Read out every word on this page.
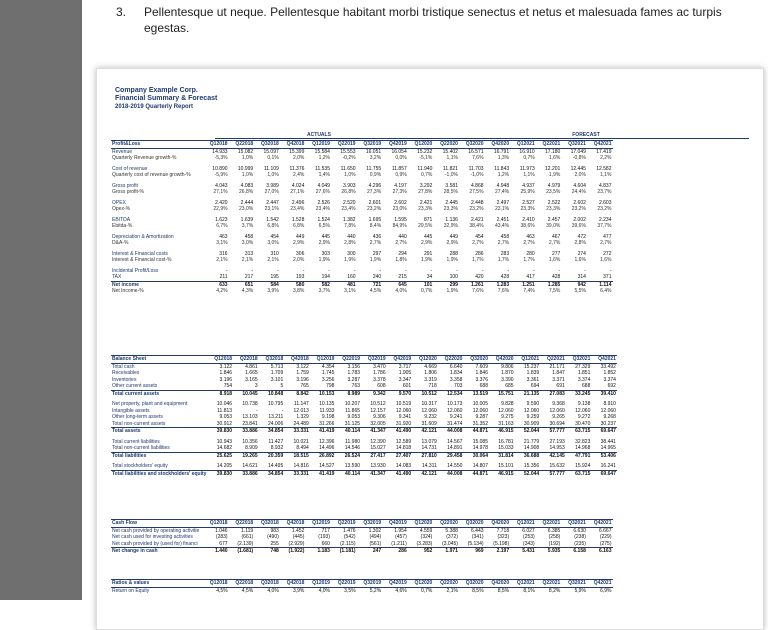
3. Pellentesque ut neque. Pellentesque habitant morbi tristique senectus et netus et malesuada fames ac turpis
egestas.
Company Example Corp.
Financial Summary & Forecast
2018-2019 Quarterly Report
ACTUALS	FORECAST
Profit&Loss	Q12018	Q22018	Q32018	Q42018	Q12019	Q22019	Q32019	Q42019	Q12020	Q22020	Q32020	Q42020	Q12021	Q22021	Q32021	Q42021
Revenue	14.933	15.082	15.097	15.399	15.584	15.553	16.051	16.054	15.232	15.402	16.571	16.791	16.910	17.180	17.049	17.419
Quarterly Revenue growth-%	-5,3%	1,0%	0,1%	2,0%	1,2%	-0,2%	3,2%	0,0%	-5,1%	1,1%	7,6%	1,3%	0,7%	1,6%	-0,8%	2,2%

Cost of revenue	10.890	10.999	11.109	11.376	11.535	11.650	11.755	11.857	11.940	11.821	11.703	11.843	11.973	12.201	12.445	12.582
Quarterly cost of revenue growth-%	-5,9%	1,0%	1,0%	2,4%	1,4%	1,0%	0,9%	0,9%	0,7%	-1,0%	-1,0%	1,2%	1,1%	1,9%	2,0%	1,1%

Gross profit	4.043	4.083	3.989	4.024	4.049	3.903	4.296	4.197	3.292	3.581	4.868	4.948	4.937	4.979	4.604	4.837
Gross profit-%	27,1%	26,8%	27,0%	27,1%	27,6%	26,8%	27,3%	27,3%	27,8%	28,5%	27,5%	27,4%	25,9%	23,5%	24,4%	23,7%

OPEX	2.420	2.444	2.447	2.496	2.526	2.520	2.601	2.602	2.421	2.445	2.448	2.497	2.527	2.522	2.602	2.603
Opex-%	22,9%	23,0%	23,1%	23,4%	23,4%	23,4%	23,2%	23,0%	23,3%	23,3%	23,2%	23,1%	23,3%	23,3%	23,2%	23,2%

EBITDA	1.623	1.639	1.542	1.528	1.524	1.382	1.695	1.595	871	1.136	2.421	2.451	2.410	2.457	2.002	2.234
Ebitda-%	6,7%	3,7%	6,8%	6,8%	6,5%	7,8%	8,4%	84,9%	29,5%	32,9%	38,4%	43,4%	38,6%	39,0%	39,6%	37,7%

Depreciation & Amortization	463	458	454	449	445	440	436	440	445	449	454	458	463	467	472	477
D&A-%	3,1%	3,0%	3,0%	2,9%	2,9%	2,8%	2,7%	2,7%	2,9%	2,9%	2,7%	2,7%	2,7%	2,7%	2,8%	2,7%

Interest & Financial costs	316	313	310	306	303	300	297	294	291	288	286	283	280	277	274	272
Interest & Financial cost-%	2,1%	2,1%	2,1%	2,0%	1,9%	1,9%	1,9%	1,8%	1,9%	1,9%	1,7%	1,7%	1,7%	1,6%	1,6%	1,6%

Incidental Profit/Loss	-	-	-	-	-	-	-	-	-	-	-	-	-	-	-	-
TAX	211	217	195	193	194	160	240	215	34	100	420	428	417	428	314	371
Net income	633	651	584	580	582	481	721	645	101	299	1.261	1.283	1.251	1.285	942	1.114
Net Income-%	4,2%	4,3%	3,9%	3,8%	3,7%	3,1%	4,5%	4,0%	0,7%	1,9%	7,6%	7,6%	7,4%	7,5%	5,5%	6,4%
Balance Sheet	Q12018	Q22018	Q32018	Q42018	Q12019	Q22019	Q32019	Q42019	Q12020	Q22020	Q32020	Q42020	Q12021	Q22021	Q32021	Q42021
Total cash	3.122	4.861	5.713	3.122	4.354	3.156	3.470	3.717	4.669	6.640	7.609	9.806	15.237	21.171	27.329	33.492
Receivables	1.846	1.665	1.709	1.759	1.745	1.783	1.786	1.905	1.806	1.834	1.846	1.870	1.839	1.847	1.851	1.852
Inventories	3.196	3.165	3.101	3.196	3.256	3.287	3.378	3.347	3.319	3.358	3.376	3.390	3.361	3.371	3.374	3.374
Other current assets	754	3	5	765	798	763	608	601	718	703	688	685	694	691	688	692
Total current assets	8.918	10.045	10.848	8.842	10.153	8.989	9.342	9.570	10.512	12.534	13.519	15.751	21.135	27.083	33.245	39.410

Net property, plant and equipment	10.046	10.738	10.795	11.147	10.135	10.207	10.512	10.519	10.317	10.173	10.005	9.828	9.590	9.368	9.138	8.910
Intangible assets	11.813	-	-	12.013	11.933	11.865	12.157	12.060	12.060	12.060	12.060	12.060	12.060	12.060	12.060	12.060
Other long-term assets	9.053	13.103	13.211	1.329	9.198	9.053	9.306	9.341	9.232	9.241	9.287	9.275	9.259	9.265	9.272	9.268
Total non-current assets	30.912	23.841	24.006	24.489	31.266	31.125	32.005	31.920	31.609	31.474	31.352	31.163	30.909	30.694	30.470	30.237
Total assets	39.830	33.886	34.854	33.331	41.419	40.114	41.347	41.490	42.121	44.008	44.871	46.915	52.044	57.777	63.715	69.647

Total current liabilities	10.943	10.356	11.427	10.021	12.396	11.980	12.390	12.589	13.079	14.567	15.085	16.781	21.779	27.193	32.823	38.441
Total non-current liabilities	14.682	8.909	8.932	8.494	14.496	14.546	15.027	14.818	14.731	14.891	14.978	15.033	14.908	14.953	14.968	14.965
Total liabilities	25.625	19.265	20.359	18.515	26.892	26.524	27.417	27.407	27.810	29.458	30.064	31.814	36.688	42.145	47.791	53.406

Total stockholders' equity	14.205	14.621	14.495	14.816	14.527	13.590	13.930	14.083	14.311	14.550	14.807	15.101	15.356	15.632	15.924	16.241
Total liabilities and stockholders' equity	39.830	33.886	34.854	33.331	41.419	40.114	41.347	41.490	42.121	44.008	44.871	46.915	52.044	57.777	63.715	69.647
Cash Flow	Q12018	Q22018	Q32018	Q42018	Q12019	Q22019	Q32019	Q42019	Q12020	Q22020	Q32020	Q42020	Q12021	Q22021	Q32021	Q42021
Net cash provided by operating activitie	1.046	1.119	983	1.452	717	1.476	1.302	1.954	4.559	5.388	6.443	7.718	6.027	6.385	6.630	6.667
Net cash used for investing activities	(283)	(661)	(490)	(445)	(193)	(542)	(494)	(457)	(324)	(372)	(341)	(323)	(253)	(258)	(238)	(229)
Net cash provided by (used for) financi	677	(2.139)	255	(2.929)	660	(2.115)	(561)	(1.211)	(3.283)	(3.045)	(5.134)	(5.198)	(343)	(192)	(235)	(275)
Net change in cash	1.440	(1.681)	748	(1.922)	1.183	(1.181)	247	286	952	1.971	969	2.197	5.431	5.935	6.158	6.163
Ratios & values	Q12018	Q22018	Q32018	Q42018	Q12019	Q22019	Q32019	Q42019	Q12020	Q22020	Q32020	Q42020	Q12021	Q22021	Q32021	Q42021
Return on Equity	4,5%	4,5%	4,0%	3,9%	4,0%	3,5%	5,2%	4,6%	0,7%	2,1%	8,5%	8,5%	8,1%	8,2%	5,9%	6,9%
